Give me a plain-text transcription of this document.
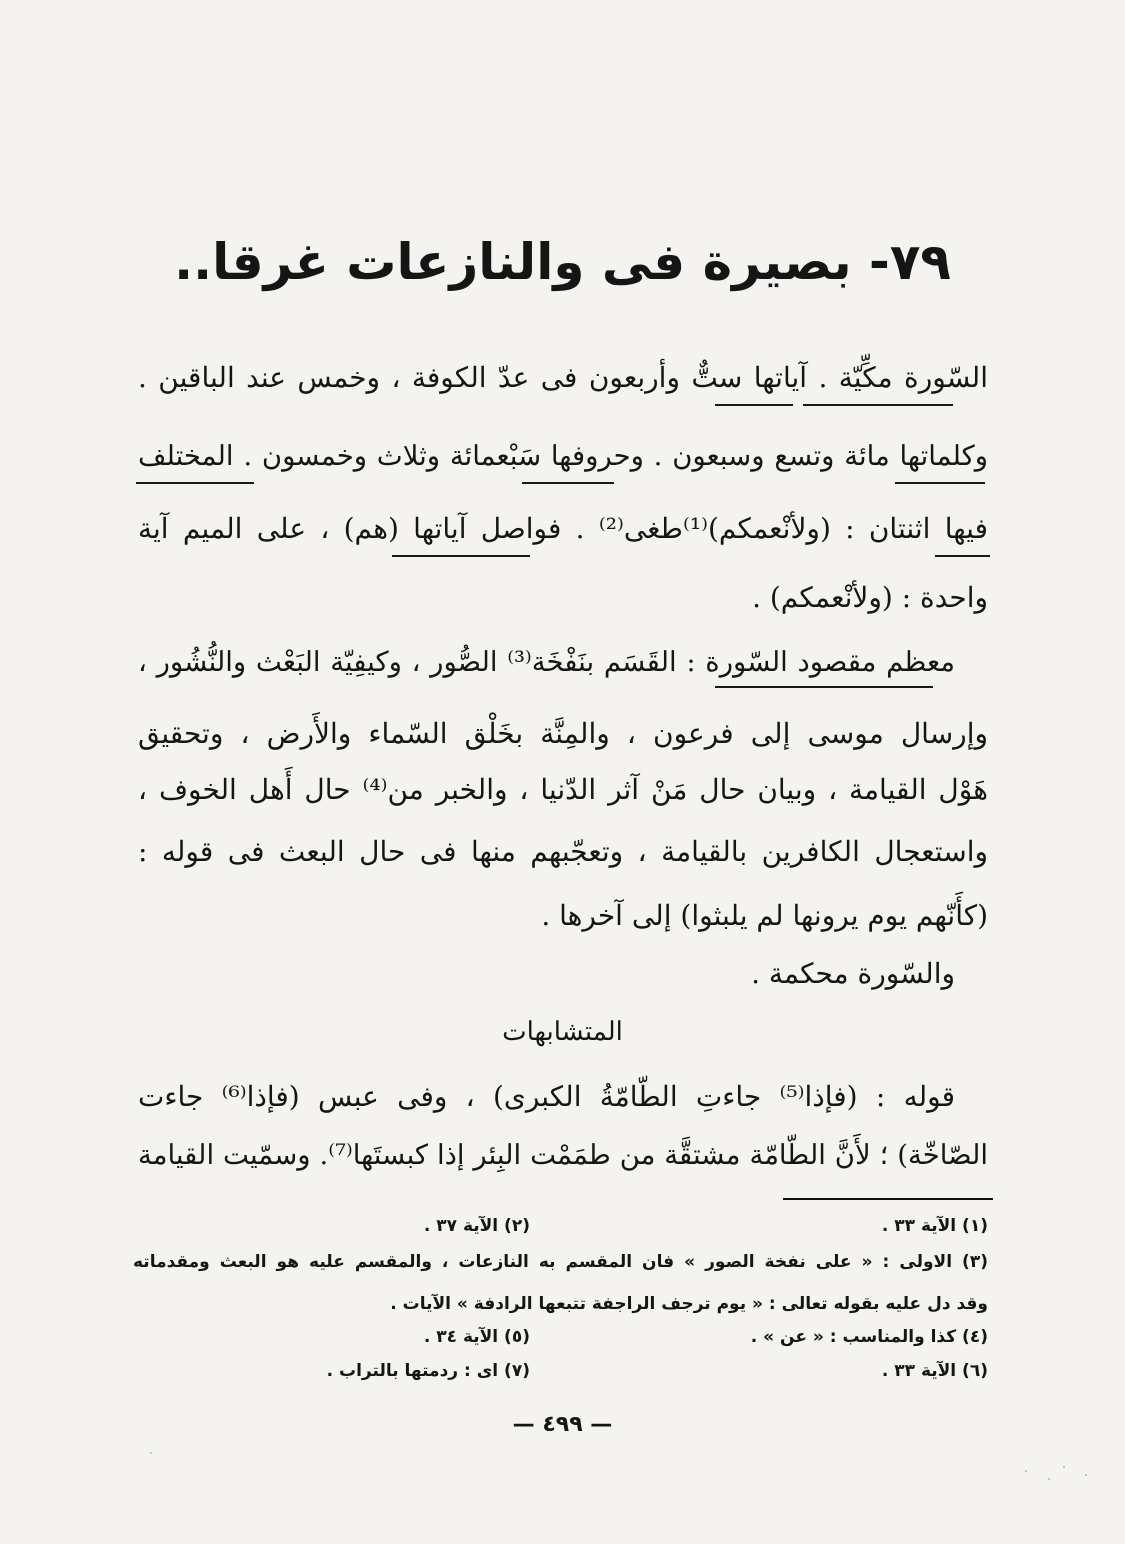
٧٩- بصيرة فى والنازعات غرقا..
السّورة مكِّيّة . آياتها ستٌّ وأربعون فى عدّ الكوفة ، وخمس عند الباقين .
وكلماتها مائة وتسع وسبعون . وحروفها سَبْعمائة وثلاث وخمسون . المختلف
فيها اثنتان : (ولأنْعمكم)⁽¹⁾طغى⁽²⁾ . فواصل آياتها (هم) ، على الميم آية
واحدة : (ولأنْعمكم) .
معظم مقصود السّورة : القَسَم بنَفْخَة⁽³⁾ الصُّور ، وكيفِيّة البَعْث والنُّشُور ،
وإرسال موسى إلى فرعون ، والمِنَّة بخَلْق السّماء والأَرض ، وتحقيق
هَوْل القيامة ، وبيان حال مَنْ آثر الدّنيا ، والخبر من⁽⁴⁾ حال أَهل الخوف ،
واستعجال الكافرين بالقيامة ، وتعجّبهم منها فى حال البعث فى قوله :
(كأَنّهم يوم يرونها لم يلبثوا) إلى آخرها .
والسّورة محكمة .
المتشابهات
قوله : (فإذا⁽⁵⁾ جاءتِ الطّامّةُ الكبرى) ، وفى عبس (فإذا⁽⁶⁾ جاءت
الصّاخّة) ؛ لأَنَّ الطّامّة مشتقَّة من طمَمْت البِئر إذا كبستَها⁽⁷⁾. وسمّيت القيامة
(١) الآية ٣٣ .
(٢) الآية ٣٧ .
(٣) الاولى : « على نفخة الصور » فان المقسم به النازعات ، والمقسم عليه هو البعث ومقدماته
وقد دل عليه بقوله تعالى : « يوم ترجف الراجفة تتبعها الرادفة » الآيات .
(٤) كذا والمناسب : « عن » .
(٥) الآية ٣٤ .
(٦) الآية ٣٣ .
(٧) اى : ردمتها بالتراب .
— ٤٩٩ —
